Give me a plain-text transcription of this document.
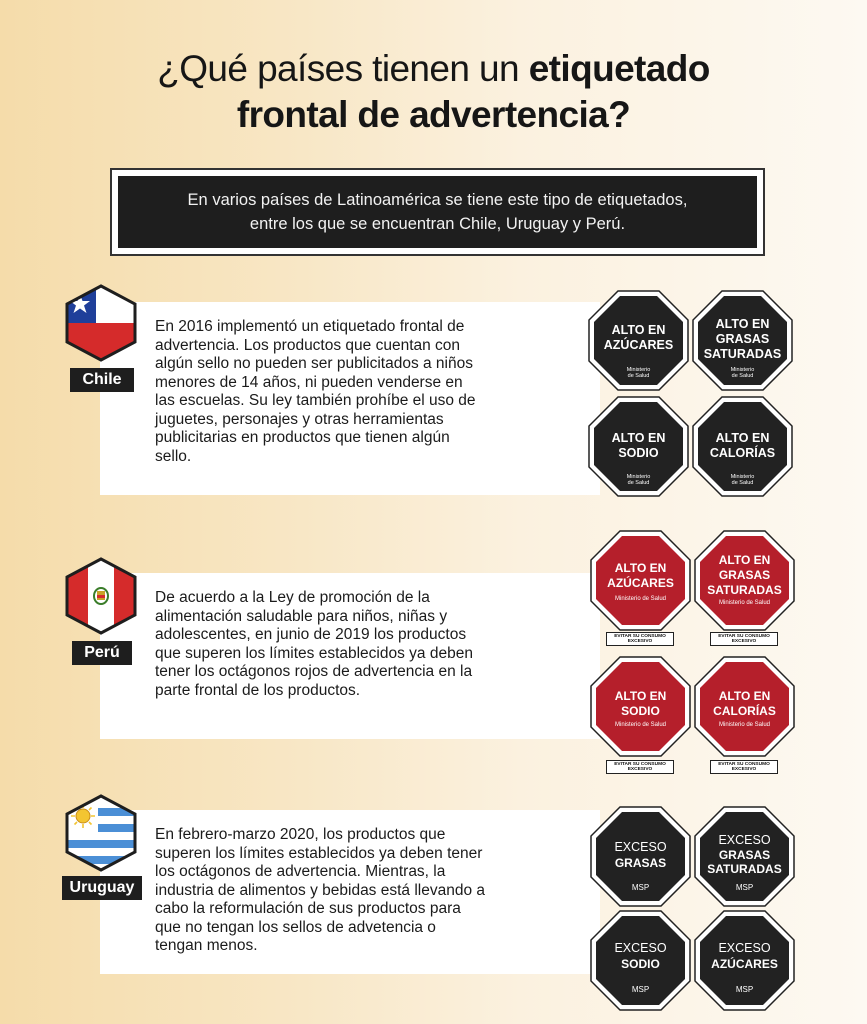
¿Qué países tienen un etiquetado
frontal de advertencia?
En varios países de Latinoamérica se tiene este tipo de etiquetados,
entre los que se encuentran Chile, Uruguay y Perú.
En 2016 implementó un etiquetado frontal de advertencia. Los productos que cuentan con algún sello no pueden ser publicitados a niños menores de 14 años, ni pueden venderse en las escuelas. Su ley también prohíbe el uso de juguetes, personajes y otras herramientas publicitarias en productos que tienen algún sello.
Chile
ALTO EN
AZÚCARES
Ministerio
de Salud
ALTO EN
GRASAS
SATURADAS
Ministerio
de Salud
ALTO EN
SODIO
Ministerio
de Salud
ALTO EN
CALORÍAS
Ministerio
de Salud
De acuerdo a la Ley de promoción de la alimentación saludable para niños, niñas y adolescentes, en junio de 2019 los productos que superen los límites establecidos ya deben tener los octágonos rojos de advertencia en la parte frontal de los productos.
Perú
ALTO EN
AZÚCARES
Ministerio de Salud
EVITAR SU CONSUMO
EXCESIVO
ALTO EN
GRASAS
SATURADAS
Ministerio de Salud
EVITAR SU CONSUMO
EXCESIVO
ALTO EN
SODIO
Ministerio de Salud
EVITAR SU CONSUMO
EXCESIVO
ALTO EN
CALORÍAS
Ministerio de Salud
EVITAR SU CONSUMO
EXCESIVO
En febrero-marzo 2020, los productos que superen los límites establecidos ya deben tener los octágonos de advertencia. Mientras, la industria de alimentos y bebidas está llevando a cabo la reformulación de sus productos para que no tengan los sellos de advetencia o tengan menos.
Uruguay
EXCESO
GRASAS
MSP
EXCESO
GRASAS
SATURADAS
MSP
EXCESO
SODIO
MSP
EXCESO
AZÚCARES
MSP
